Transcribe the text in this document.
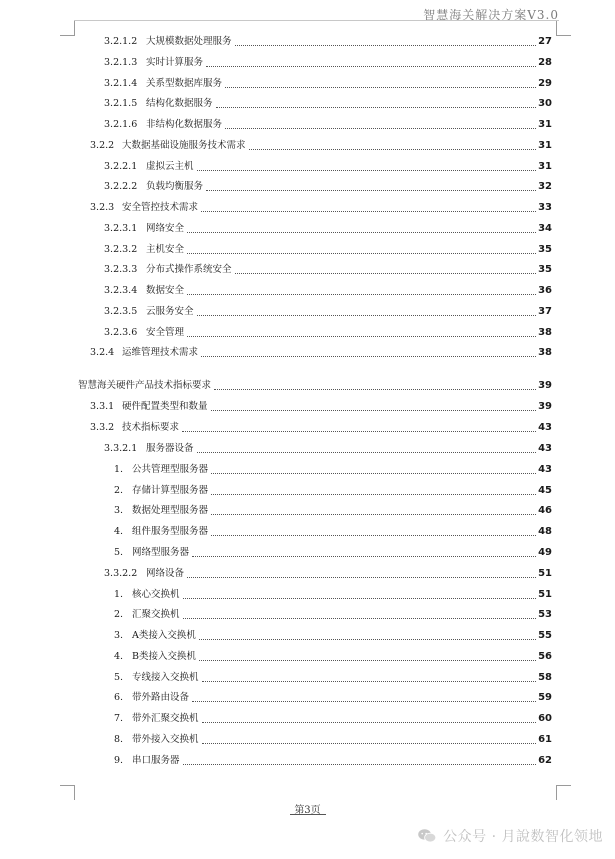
智慧海关解决方案V3.0
3.2.1.2 大规模数据处理服务	27
3.2.1.3 实时计算服务	28
3.2.1.4 关系型数据库服务	29
3.2.1.5 结构化数据服务	30
3.2.1.6 非结构化数据服务	31
3.2.2 大数据基础设施服务技术需求	31
3.2.2.1 虚拟云主机	31
3.2.2.2 负载均衡服务	32
3.2.3 安全管控技术需求	33
3.2.3.1 网络安全	34
3.2.3.2 主机安全	35
3.2.3.3 分布式操作系统安全	35
3.2.3.4 数据安全	36
3.2.3.5 云服务安全	37
3.2.3.6 安全管理	38
3.2.4 运维管理技术需求	38
智慧海关硬件产品技术指标要求	39
3.3.1 硬件配置类型和数量	39
3.3.2 技术指标要求	43
3.3.2.1 服务器设备	43
1. 公共管理型服务器	43
2. 存储计算型服务器	45
3. 数据处理型服务器	46
4. 组件服务型服务器	48
5. 网络型服务器	49
3.3.2.2 网络设备	51
1. 核心交换机	51
2. 汇聚交换机	53
3. A类接入交换机	55
4. B类接入交换机	56
5. 专线接入交换机	58
6. 带外路由设备	59
7. 带外汇聚交换机	60
8. 带外接入交换机	61
9. 串口服务器	62
第3页
公众号 · 月說数智化领地
